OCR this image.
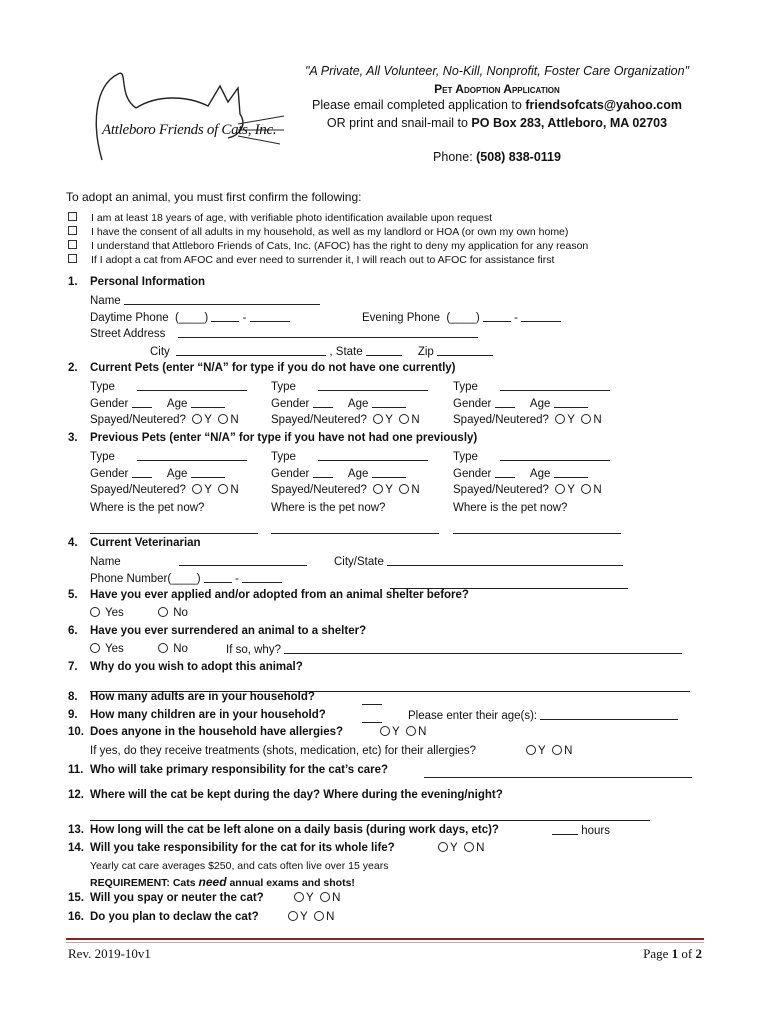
Attleboro Friends of Cats, Inc.
"A Private, All Volunteer, No-Kill, Nonprofit, Foster Care Organization"
Pet Adoption Application
Please email completed application to friendsofcats@yahoo.com
OR print and snail-mail to PO Box 283, Attleboro, MA 02703
Phone: (508) 838-0119
To adopt an animal, you must first confirm the following:
I am at least 18 years of age, with verifiable photo identification available upon request
I have the consent of all adults in my household, as well as my landlord or HOA (or own my own home)
I understand that Attleboro Friends of Cats, Inc. (AFOC) has the right to deny my application for any reason
If I adopt a cat from AFOC and ever need to surrender it, I will reach out to AFOC for assistance first
1. Personal Information
Name
Daytime Phone (____)	-	Evening Phone (____)	-
Street Address
City	, State	Zip
2. Current Pets (enter “N/A” for type if you do not have one currently)
Type	Type	Type
Gender	Age	Gender	Age	Gender	Age
Spayed/Neutered? Y N	Spayed/Neutered? Y N	Spayed/Neutered? Y N
3. Previous Pets (enter “N/A” for type if you have not had one previously)
Type	Type	Type
Gender	Age	Gender	Age	Gender	Age
Spayed/Neutered? Y N	Spayed/Neutered? Y N	Spayed/Neutered? Y N
Where is the pet now?	Where is the pet now?	Where is the pet now?
4. Current Veterinarian
Name	City/State
Phone Number(____)	-
5. Have you ever applied and/or adopted from an animal shelter before?
Yes	No
6. Have you ever surrendered an animal to a shelter?
Yes	No	If so, why?
7. Why do you wish to adopt this animal?
8. How many adults are in your household?
9. How many children are in your household?	Please enter their age(s):
10. Does anyone in the household have allergies?	Y N
If yes, do they receive treatments (shots, medication, etc) for their allergies?	Y N
11. Who will take primary responsibility for the cat’s care?
12. Where will the cat be kept during the day? Where during the evening/night?
13. How long will the cat be left alone on a daily basis (during work days, etc)?	hours
14. Will you take responsibility for the cat for its whole life?	Y N
Yearly cat care averages $250, and cats often live over 15 years
REQUIREMENT: Cats need annual exams and shots!
15. Will you spay or neuter the cat?	Y N
16. Do you plan to declaw the cat?	Y N
Rev. 2019-10v1	Page 1 of 2
